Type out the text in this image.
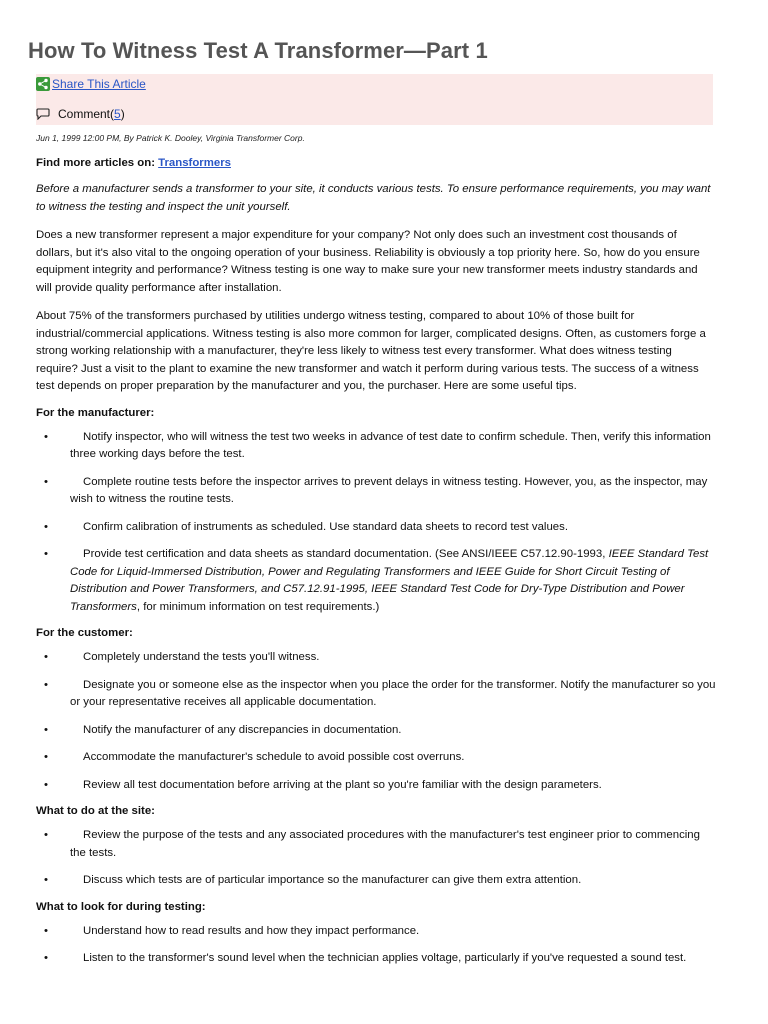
How To Witness Test A Transformer—Part 1
Share This Article
Comment ( 5 )
Jun 1, 1999 12:00 PM, By Patrick K. Dooley, Virginia Transformer Corp.
Find more articles on: Transformers

Before a manufacturer sends a transformer to your site, it conducts various tests. To ensure performance requirements, you may want to witness the testing and inspect the unit yourself.

Does a new transformer represent a major expenditure for your company? Not only does such an investment cost thousands of dollars, but it's also vital to the ongoing operation of your business. Reliability is obviously a top priority here. So, how do you ensure equipment integrity and performance? Witness testing is one way to make sure your new transformer meets industry standards and will provide quality performance after installation.

About 75% of the transformers purchased by utilities undergo witness testing, compared to about 10% of those built for industrial/commercial applications. Witness testing is also more common for larger, complicated designs. Often, as customers forge a strong working relationship with a manufacturer, they're less likely to witness test every transformer. What does witness testing require? Just a visit to the plant to examine the new transformer and watch it perform during various tests. The success of a witness test depends on proper preparation by the manufacturer and you, the purchaser. Here are some useful tips.

For the manufacturer:
•	Notify inspector, who will witness the test two weeks in advance of test date to confirm schedule. Then, verify this information three working days before the test.
•	Complete routine tests before the inspector arrives to prevent delays in witness testing. However, you, as the inspector, may wish to witness the routine tests.
•	Confirm calibration of instruments as scheduled. Use standard data sheets to record test values.
•	Provide test certification and data sheets as standard documentation. (See ANSI/IEEE C57.12.90-1993, IEEE Standard Test Code for Liquid-Immersed Distribution, Power and Regulating Transformers and IEEE Guide for Short Circuit Testing of Distribution and Power Transformers, and C57.12.91-1995, IEEE Standard Test Code for Dry-Type Distribution and Power Transformers, for minimum information on test requirements.)
For the customer:
•	Completely understand the tests you'll witness.
•	Designate you or someone else as the inspector when you place the order for the transformer. Notify the manufacturer so you or your representative receives all applicable documentation.
•	Notify the manufacturer of any discrepancies in documentation.
•	Accommodate the manufacturer's schedule to avoid possible cost overruns.
•	Review all test documentation before arriving at the plant so you're familiar with the design parameters.
What to do at the site:
•	Review the purpose of the tests and any associated procedures with the manufacturer's test engineer prior to commencing the tests.
•	Discuss which tests are of particular importance so the manufacturer can give them extra attention.
What to look for during testing:
•	Understand how to read results and how they impact performance.
•	Listen to the transformer's sound level when the technician applies voltage, particularly if you've requested a sound test.
